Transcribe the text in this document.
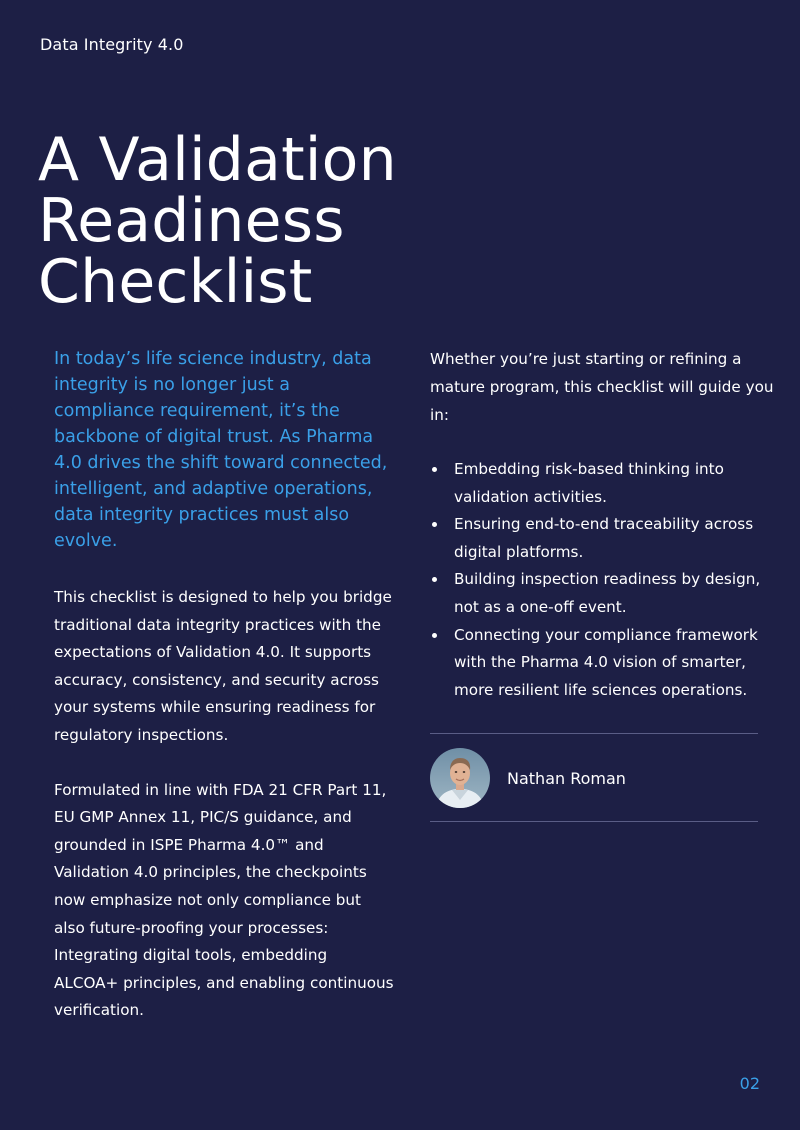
Data Integrity 4.0
A Validation
Readiness
Checklist

In today’s life science industry, data integrity is no longer just a compliance requirement, it’s the backbone of digital trust. As Pharma 4.0 drives the shift toward connected, intelligent, and adaptive operations, data integrity practices must also evolve.

This checklist is designed to help you bridge traditional data integrity practices with the expectations of Validation 4.0. It supports accuracy, consistency, and security across your systems while ensuring readiness for regulatory inspections.

Formulated in line with FDA 21 CFR Part 11, EU GMP Annex 11, PIC/S guidance, and grounded in ISPE Pharma 4.0™ and Validation 4.0 principles, the checkpoints now emphasize not only compliance but also future-proofing your processes: Integrating digital tools, embedding ALCOA+ principles, and enabling continuous verification.

Whether you’re just starting or refining a mature program, this checklist will guide you in:

Embedding risk-based thinking into validation activities.
Ensuring end-to-end traceability across digital platforms.
Building inspection readiness by design, not as a one-off event.
Connecting your compliance framework with the Pharma 4.0 vision of smarter, more resilient life sciences operations.
Nathan Roman
02
